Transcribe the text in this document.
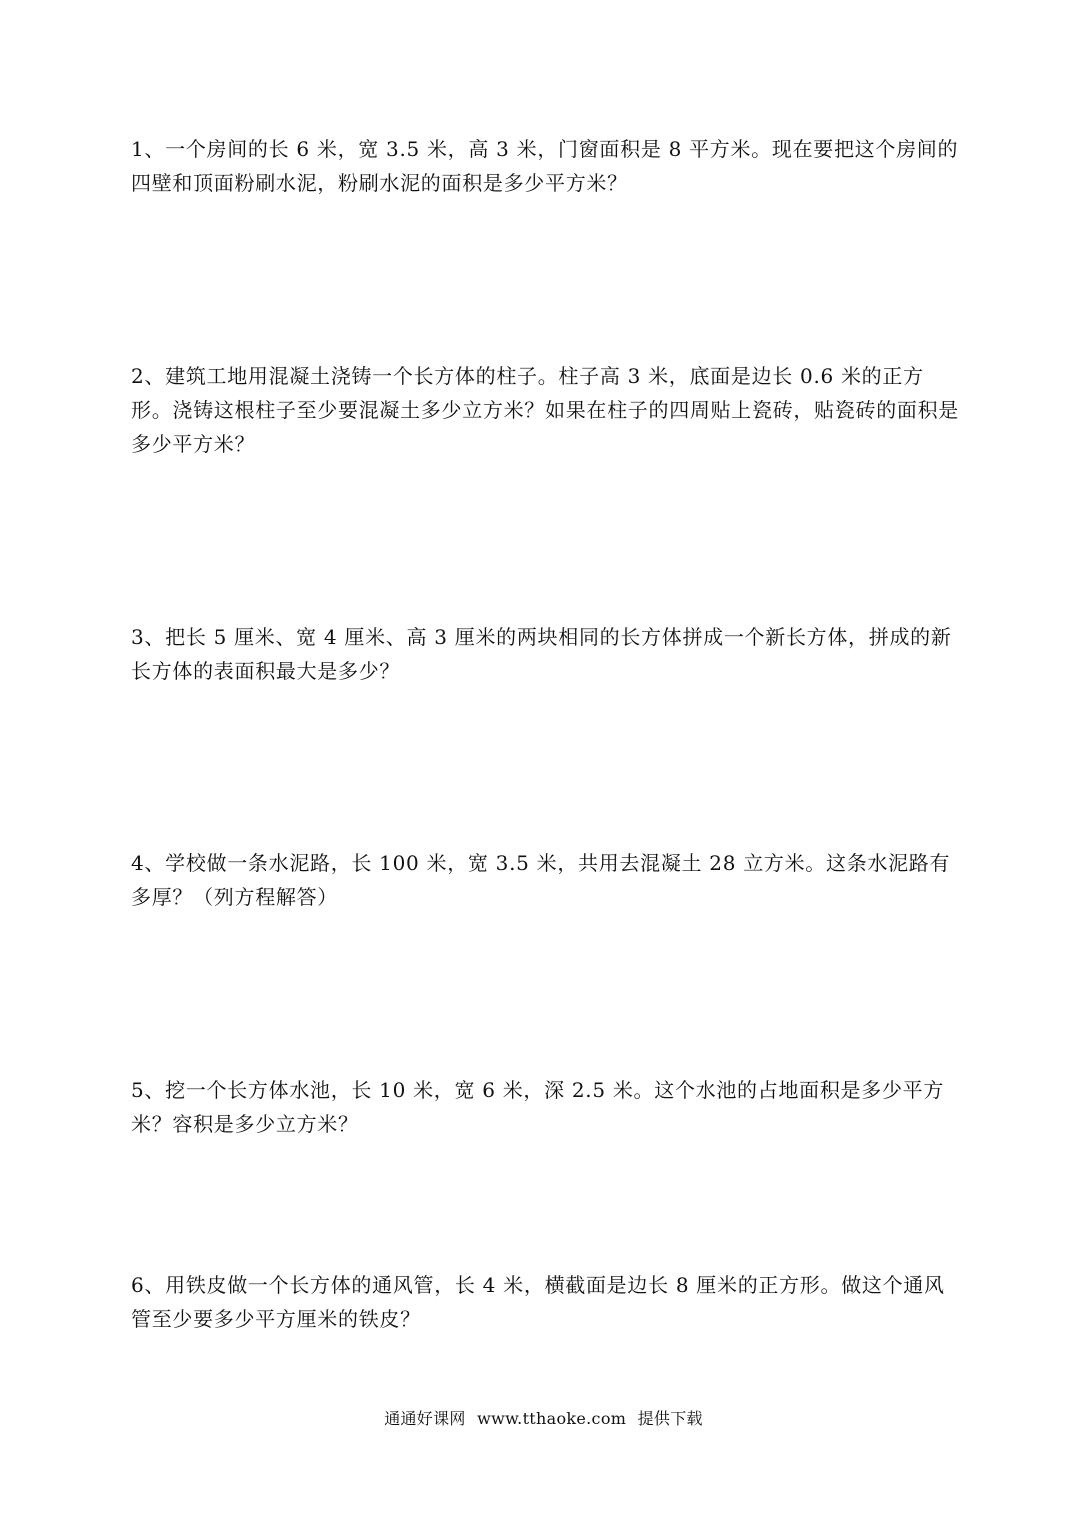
1、一个房间的长 6 米，宽 3.5 米，高 3 米，门窗面积是 8 平方米。现在要把这个房间的四壁和顶面粉刷水泥，粉刷水泥的面积是多少平方米？

2、建筑工地用混凝土浇铸一个长方体的柱子。柱子高 3 米，底面是边长 0.6 米的正方形。浇铸这根柱子至少要混凝土多少立方米？如果在柱子的四周贴上瓷砖，贴瓷砖的面积是多少平方米？

3、把长 5 厘米、宽 4 厘米、高 3 厘米的两块相同的长方体拼成一个新长方体，拼成的新长方体的表面积最大是多少？

4、学校做一条水泥路，长 100 米，宽 3.5 米，共用去混凝土 28 立方米。这条水泥路有多厚？（列方程解答）

5、挖一个长方体水池，长 10 米，宽 6 米，深 2.5 米。这个水池的占地面积是多少平方米？容积是多少立方米？

6、用铁皮做一个长方体的通风管，长 4 米，横截面是边长 8 厘米的正方形。做这个通风管至少要多少平方厘米的铁皮？

通通好课网 www.tthaoke.com 提供下载
